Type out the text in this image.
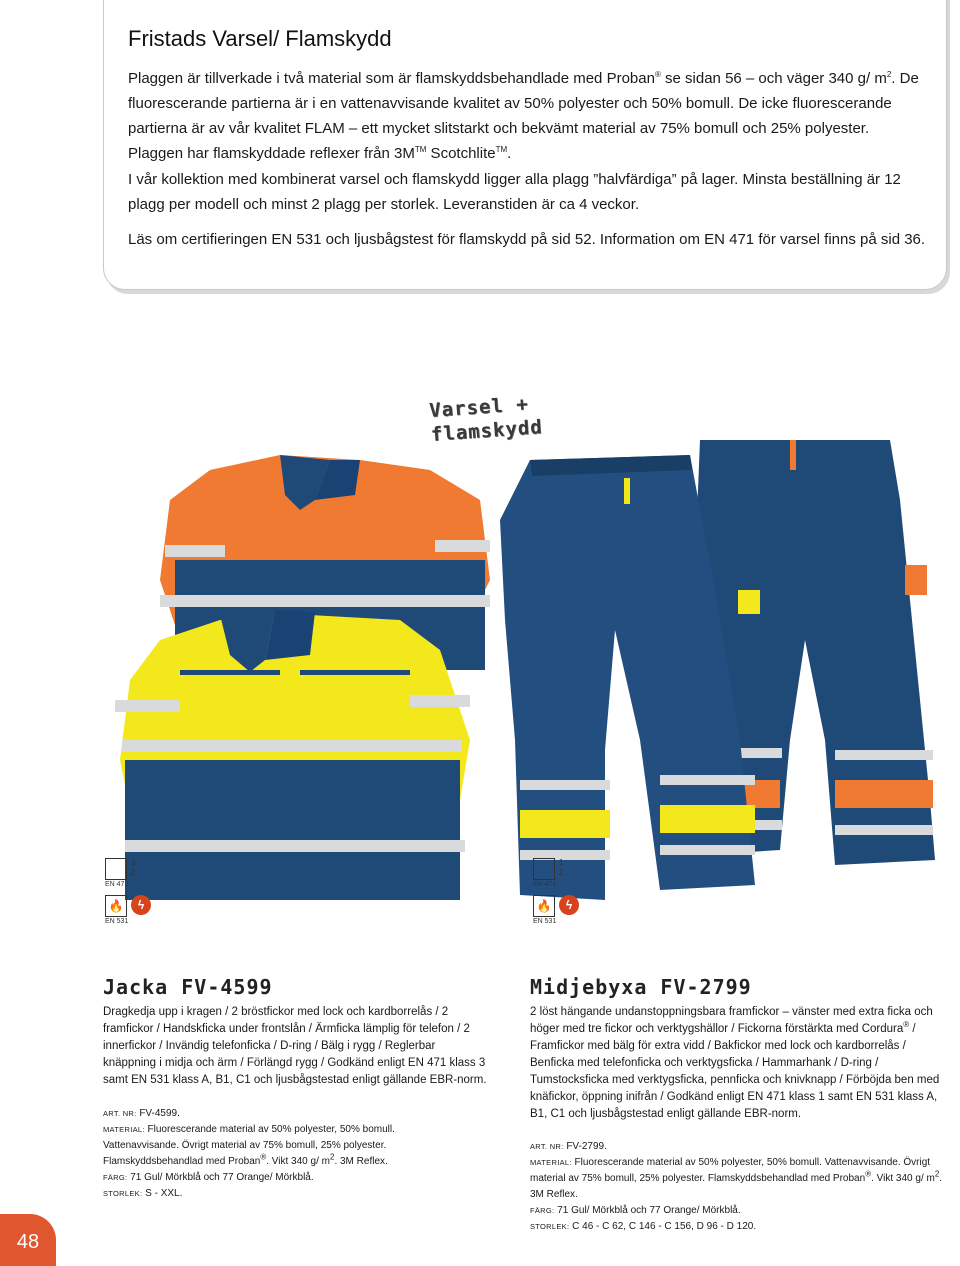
Fristads Varsel/ Flamskydd

Plaggen är tillverkade i två material som är flamskyddsbehandlade med Proban® se sidan 56 – och väger 340 g/ $m^2$. De fluorescerande partierna är i en vattenavvisande kvalitet av 50% polyester och 50% bomull. De icke fluorescerande partierna är av vår kvalitet FLAM – ett mycket slitstarkt och bekvämt material av 75% bomull och 25% polyester. Plaggen har flamskyddade reflexer från 3M™ Scotchlite™.

I vår kollektion med kombinerat varsel och flamskydd ligger alla plagg ”halvfärdiga” på lager. Minsta beställning är 12 plagg per modell och minst 2 plagg per storlek. Leveranstiden är ca 4 veckor.

Läs om certifieringen EN 531 och ljusbågstest för flamskydd på sid 52. Information om EN 471 för varsel finns på sid 36.

Varsel +
flamskydd
3
2
EN 471
🔥	ϟ
EN 531
1
2
EN 471
🔥	ϟ
EN 531
Jacka FV-4599

Dragkedja upp i kragen / 2 bröstfickor med lock och kardborrelås / 2 framfickor / Handskficka under frontslån / Ärmficka lämplig för telefon / 2 innerfickor / Invändig telefonficka / D-ring / Bälg i rygg / Reglerbar knäppning i midja och ärm / Förlängd rygg / Godkänd enligt EN 471 klass 3 samt EN 531 klass A, B1, C1 och ljusbågstestad enligt gällande EBR-norm.

ART. NR: FV-4599.
MATERIAL: Fluorescerande material av 50% polyester, 50% bomull. Vattenavvisande. Övrigt material av 75% bomull, 25% polyester.
Flamskyddsbehandlad med Proban®. Vikt 340 g/ $m^2$. 3M Reflex.
FÄRG: 71 Gul/ Mörkblå och 77 Orange/ Mörkblå.
STORLEK: S - XXL.
Midjebyxa FV-2799

2 löst hängande undanstoppningsbara framfickor – vänster med extra ficka och höger med tre fickor och verktygshällor / Fickorna förstärkta med Cordura® / Framfickor med bälg för extra vidd / Bakfickor med lock och kardborrelås / Benficka med telefonficka och verktygsficka / Hammarhank / D-ring / Tumstocksficka med verktygsficka, pennficka och knivknapp / Förböjda ben med knäfickor, öppning inifrån / Godkänd enligt EN 471 klass 1 samt EN 531 klass A, B1, C1 och ljusbågstestad enligt gällande EBR-norm.

ART. NR: FV-2799.
MATERIAL: Fluorescerande material av 50% polyester, 50% bomull. Vattenavvisande. Övrigt material av 75% bomull, 25% polyester. Flamskyddsbehandlad med Proban®. Vikt 340 g/ $m^2$. 3M Reflex.
FÄRG: 71 Gul/ Mörkblå och 77 Orange/ Mörkblå.
STORLEK: C 46 - C 62, C 146 - C 156, D 96 - D 120.
48
